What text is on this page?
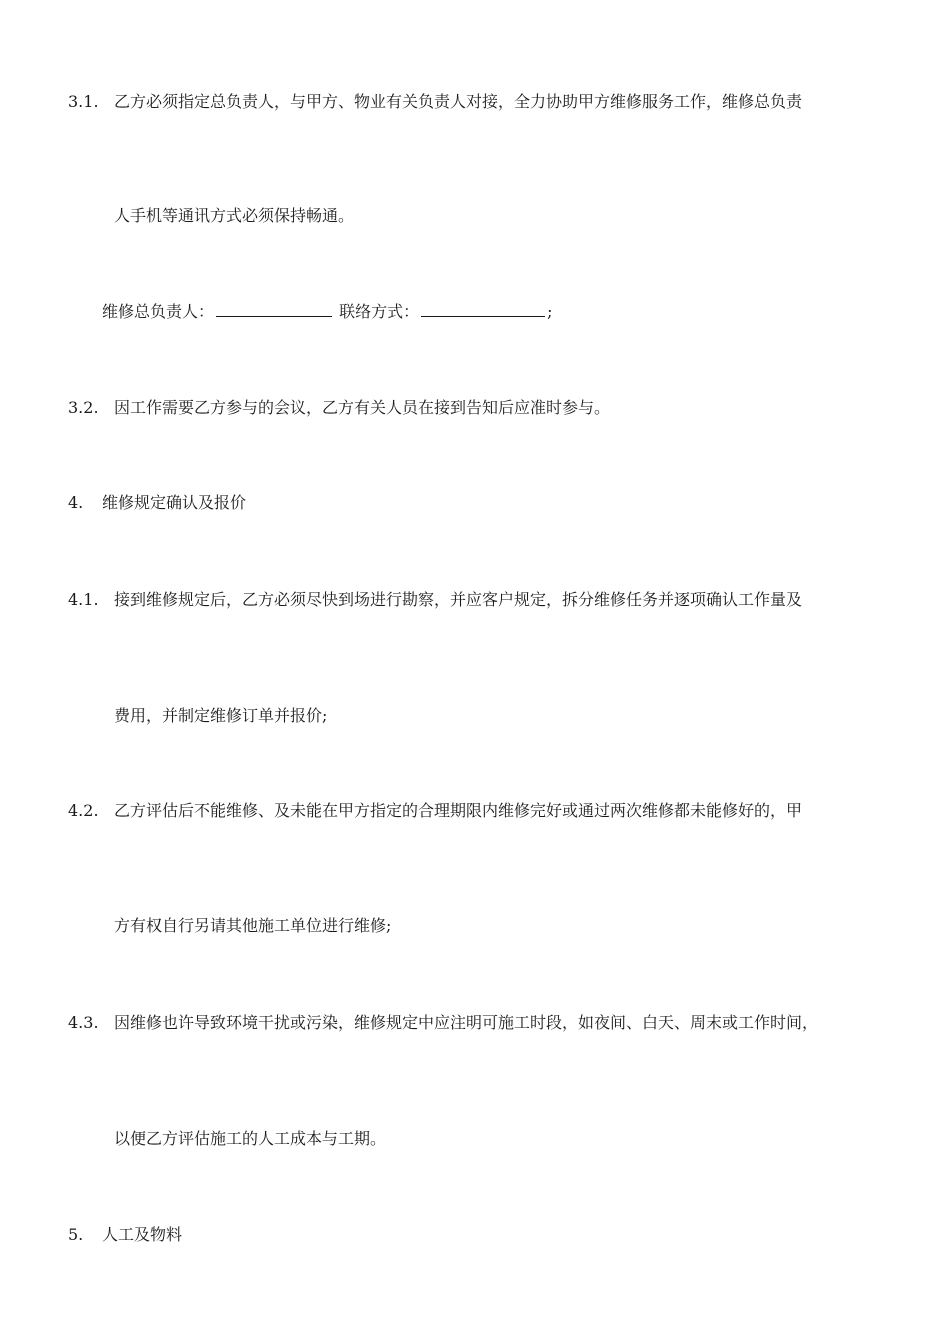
3.1. 乙方必须指定总负责人，与甲方、物业有关负责人对接，全力协助甲方维修服务工作，维修总负责
人手机等通讯方式必须保持畅通。
维修总负责人：	联络方式：	;
3.2. 因工作需要乙方参与的会议，乙方有关人员在接到告知后应准时参与。
4. 维修规定确认及报价
4.1. 接到维修规定后，乙方必须尽快到场进行勘察，并应客户规定，拆分维修任务并逐项确认工作量及
费用，并制定维修订单并报价;
4.2. 乙方评估后不能维修、及未能在甲方指定的合理期限内维修完好或通过两次维修都未能修好的，甲
方有权自行另请其他施工单位进行维修;
4.3. 因维修也许导致环境干扰或污染，维修规定中应注明可施工时段，如夜间、白天、周末或工作时间，
以便乙方评估施工的人工成本与工期。
5. 人工及物料
